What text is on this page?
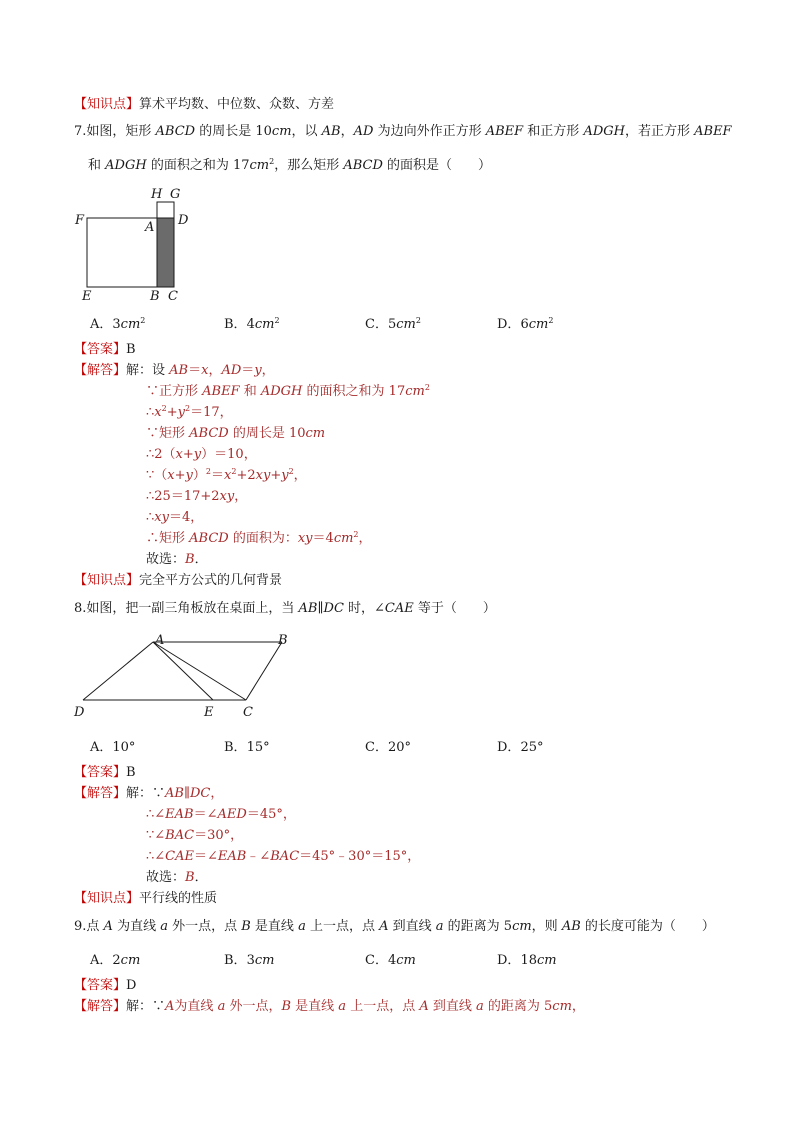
【知识点】算术平均数、中位数、众数、方差
7.如图，矩形 ABCD 的周长是 10cm，以 AB，AD 为边向外作正方形 ABEF 和正方形 ADGH，若正方形 ABEF
和 ADGH 的面积之和为 $17cm^2$，那么矩形 ABCD 的面积是（　　）
H G
F	A D
E	B C
A．$3cm^2$	B．$4cm^2$	C．$5cm^2$	D．$6cm^2$
【答案】B
【解答】解：设 AB＝x，AD＝y，
∵正方形 ABEF 和 ADGH 的面积之和为 $17cm^2$
$\therefore x^2+y^2=17$，
∵矩形 ABCD 的周长是 10cm
∴2（x+y）＝10，
$\because(x+y)^2=x^2+2xy+y^2$，
∴25＝17+2xy，
∴xy＝4，
∴矩形 ABCD 的面积为：$xy=4cm^2$，
故选：B．
【知识点】完全平方公式的几何背景
8.如图，把一副三角板放在桌面上，当 AB∥DC 时，∠CAE 等于（　　）
A	B
D	E C
A．10°	B．15°	C．20°	D．25°
【答案】B
【解答】解：∵AB∥DC，
∴∠EAB＝∠AED＝45°，
∵∠BAC＝30°，
∴∠CAE＝∠EAB﹣∠BAC＝45°﹣30°＝15°，
故选：B．
【知识点】平行线的性质
9.点 A 为直线 a 外一点，点 B 是直线 a 上一点，点 A 到直线 a 的距离为 5cm，则 AB 的长度可能为（　　）
A．2cm	B．3cm	C．4cm	D．18cm
【答案】D
【解答】解：∵A为直线 a 外一点，B 是直线 a 上一点，点 A 到直线 a 的距离为 5cm，
